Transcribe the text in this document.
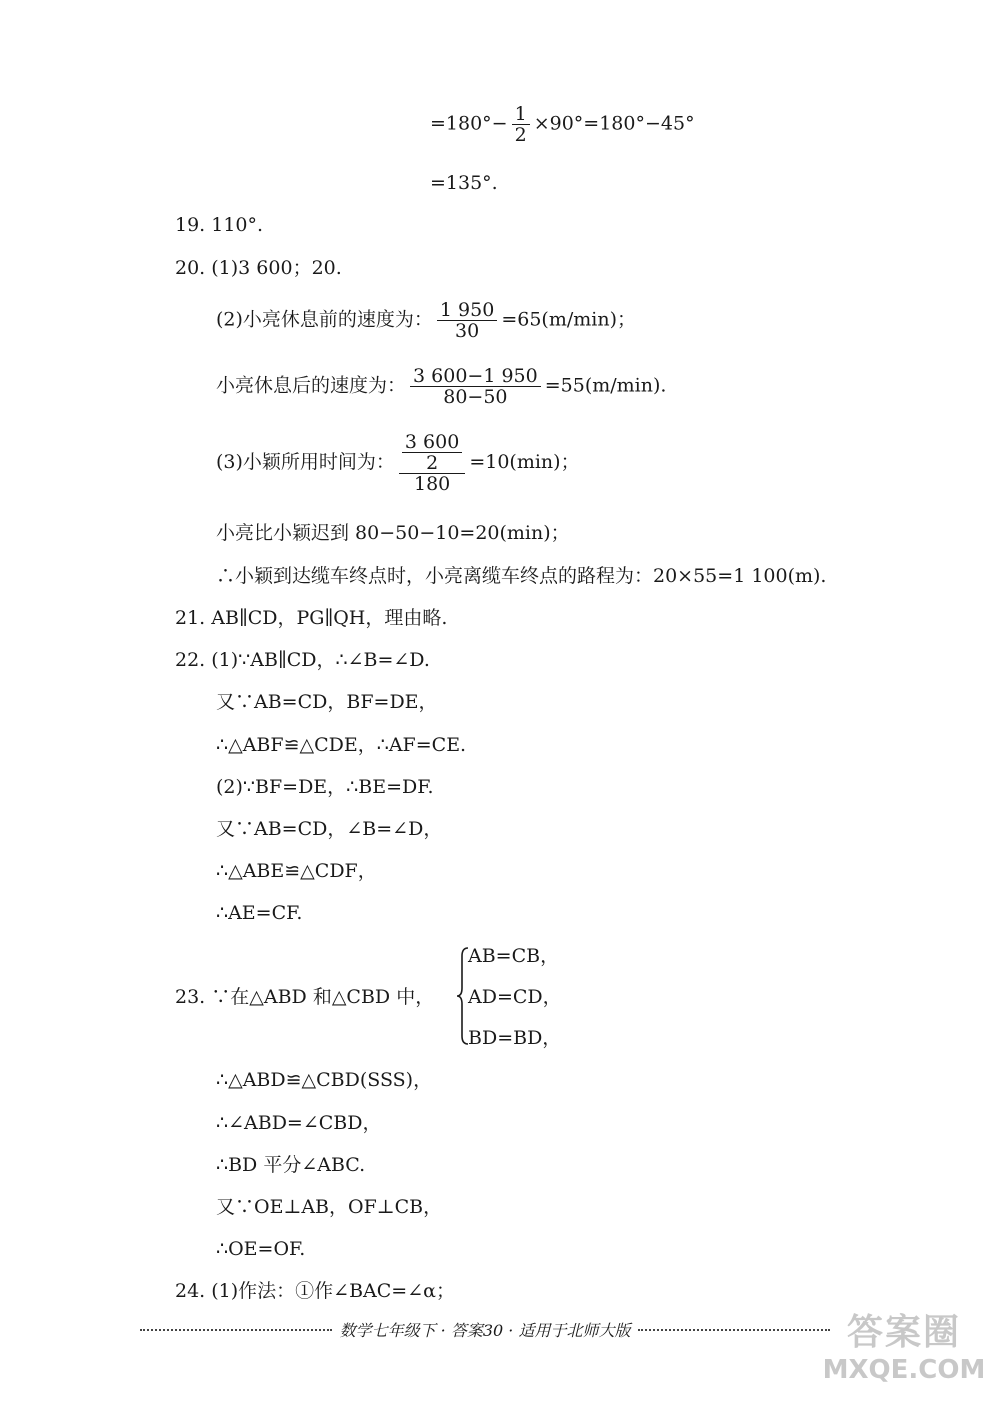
$=180^\circ- \frac{1}{2} \times 90^\circ=180^\circ-45^\circ$
=135°.
19. 110°.
20. (1)3 600；20.
(2)小亮休息前的速度为： $\frac{1 950}{30} =65(m/\min)$；
小亮休息后的速度为： $\frac{3 600-1 950}{80-50} =55(m/\min)$.
(3)小颖所用时间为： $\frac{\frac{3 600}{2}}{180} =10(\min)$；
小亮比小颖迟到 80−50−10=20(min)；
∴小颖到达缆车终点时，小亮离缆车终点的路程为：20×55=1 100(m).
21. AB∥CD，PG∥QH，理由略.
22. (1)∵AB∥CD，∴∠B=∠D.
又∵AB=CD，BF=DE，
∴△ABF≌△CDE，∴AF=CE.
(2)∵BF=DE，∴BE=DF.
又∵AB=CD，∠B=∠D，
∴△ABE≌△CDF，
∴AE=CF.
AB=CB，
AD=CD，
BD=BD，
23. ∵在△ABD 和△CBD 中，
∴△ABD≌△CBD(SSS)，
∴∠ABD=∠CBD，
∴BD 平分∠ABC.
又∵OE⊥AB，OF⊥CB，
∴OE=OF.
24. (1)作法：①作∠BAC=∠α；
数学七年级下 · 答案30 · 适用于北师大版	答案圈
MXQE.COM
